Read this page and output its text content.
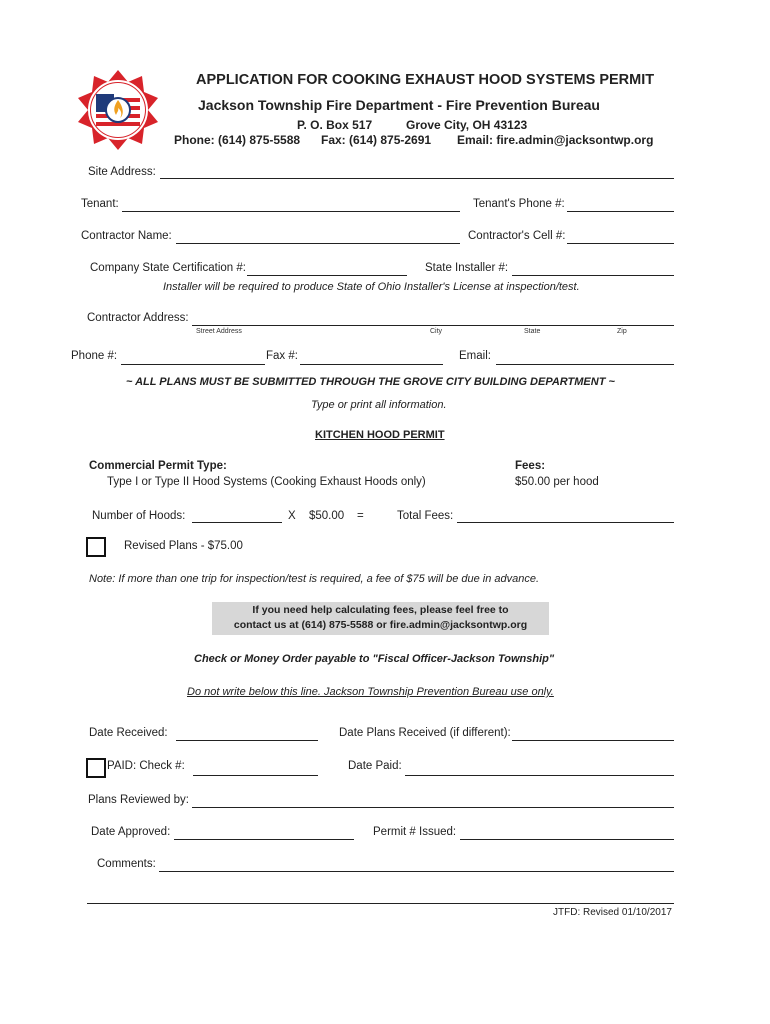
APPLICATION FOR COOKING EXHAUST HOOD SYSTEMS PERMIT
Jackson Township Fire Department - Fire Prevention Bureau
P. O. Box 517	Grove City, OH 43123
Phone: (614) 875-5588 Fax: (614) 875-2691 Email: fire.admin@jacksontwp.org
Site Address:
Tenant:	Tenant's Phone #:
Contractor Name:	Contractor's Cell #:
Company State Certification #:	State Installer #:
Installer will be required to produce State of Ohio Installer's License at inspection/test.
Contractor Address:
Street Address	City	State	Zip
Phone #:	Fax #:	Email:
~ ALL PLANS MUST BE SUBMITTED THROUGH THE GROVE CITY BUILDING DEPARTMENT ~
Type or print all information.
KITCHEN HOOD PERMIT
Commercial Permit Type:
Type I or Type II Hood Systems (Cooking Exhaust Hoods only)
Fees:
$50.00 per hood
Number of Hoods:	X $50.00 =	Total Fees:
Revised Plans - $75.00
Note: If more than one trip for inspection/test is required, a fee of $75 will be due in advance.
If you need help calculating fees, please feel free to
contact us at (614) 875-5588 or fire.admin@jacksontwp.org
Check or Money Order payable to "Fiscal Officer-Jackson Township"
Do not write below this line. Jackson Township Prevention Bureau use only.
Date Received:	Date Plans Received (if different):
PAID: Check #:	Date Paid:
Plans Reviewed by:
Date Approved:	Permit # Issued:
Comments:
JTFD: Revised 01/10/2017
